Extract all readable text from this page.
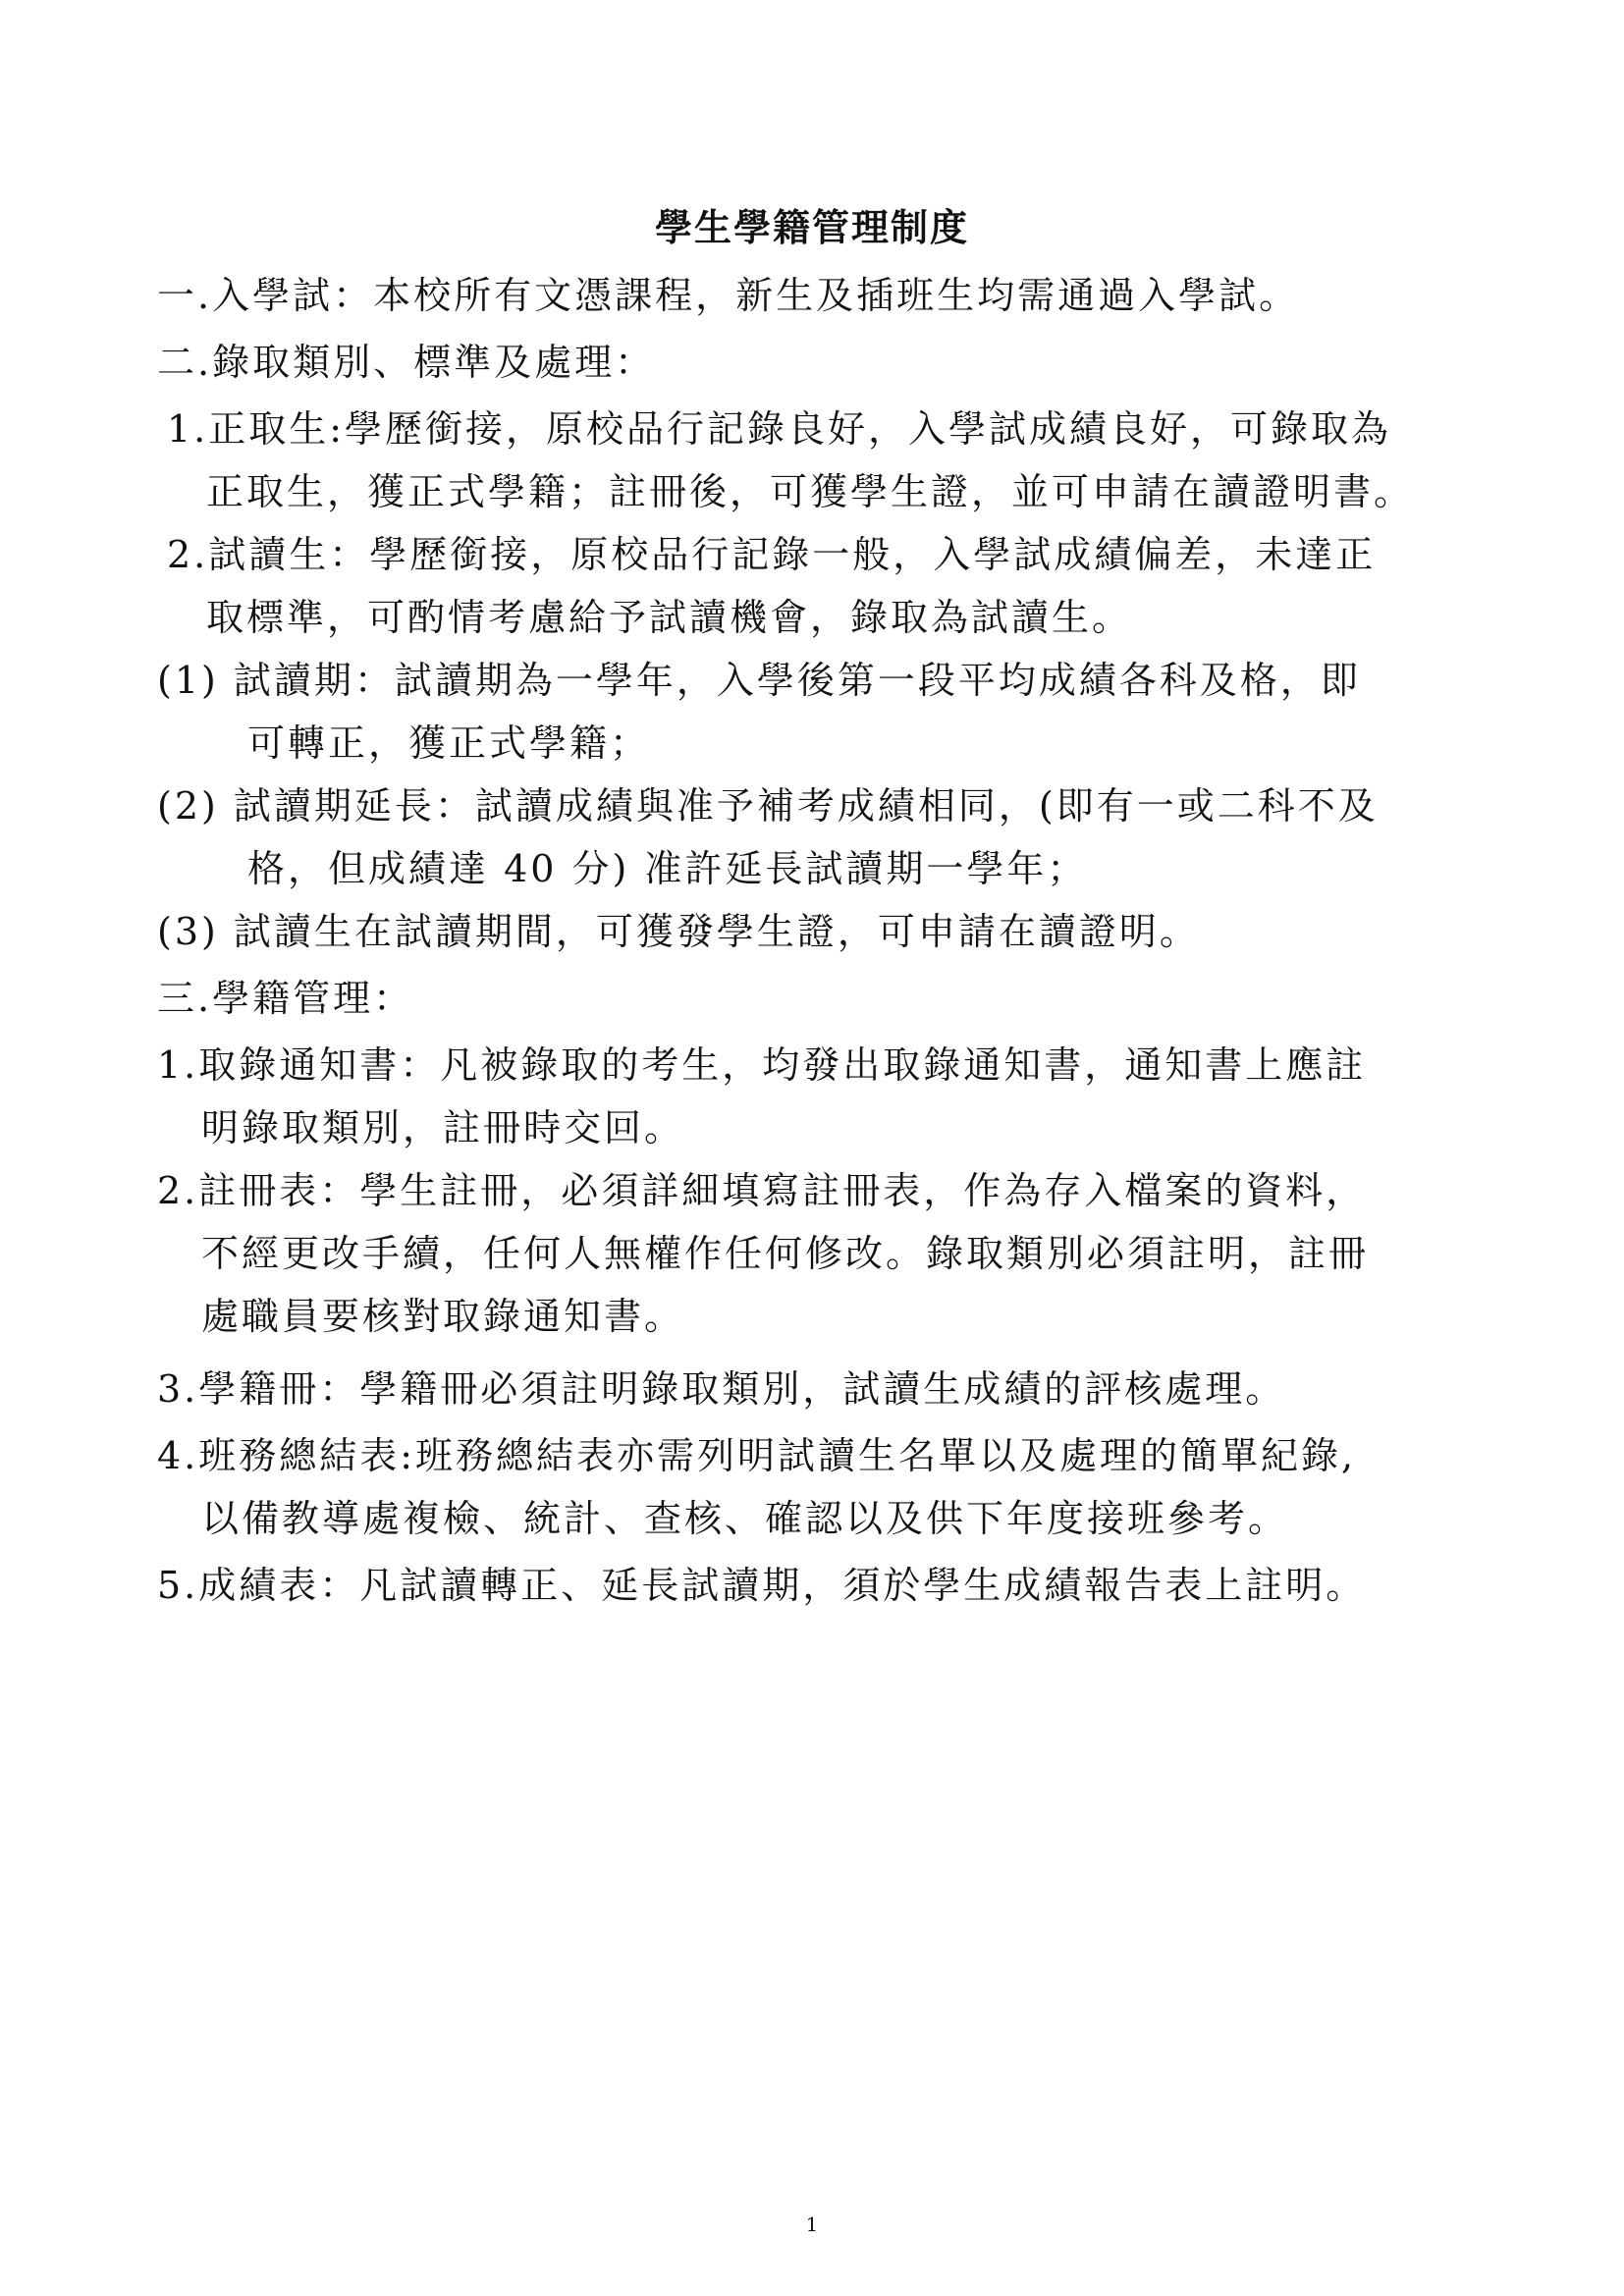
學生學籍管理制度
一.入學試：本校所有文憑課程，新生及插班生均需通過入學試。
二.錄取類別、標準及處理：
1.正取生:學歷銜接，原校品行記錄良好，入學試成績良好，可錄取為
正取生，獲正式學籍；註冊後，可獲學生證，並可申請在讀證明書。
2.試讀生：學歷銜接，原校品行記錄一般，入學試成績偏差，未達正
取標準，可酌情考慮給予試讀機會，錄取為試讀生。
(1) 試讀期：試讀期為一學年，入學後第一段平均成績各科及格，即
可轉正，獲正式學籍；
(2) 試讀期延長：試讀成績與准予補考成績相同，(即有一或二科不及
格，但成績達 40 分) 准許延長試讀期一學年；
(3) 試讀生在試讀期間，可獲發學生證，可申請在讀證明。
三.學籍管理：
1.取錄通知書：凡被錄取的考生，均發出取錄通知書，通知書上應註
明錄取類別，註冊時交回。
2.註冊表：學生註冊，必須詳細填寫註冊表，作為存入檔案的資料，
不經更改手續，任何人無權作任何修改。錄取類別必須註明，註冊
處職員要核對取錄通知書。
3.學籍冊：學籍冊必須註明錄取類別，試讀生成績的評核處理。
4.班務總結表:班務總結表亦需列明試讀生名單以及處理的簡單紀錄,
以備教導處複檢、統計、查核、確認以及供下年度接班參考。
5.成績表：凡試讀轉正、延長試讀期，須於學生成績報告表上註明。
1
